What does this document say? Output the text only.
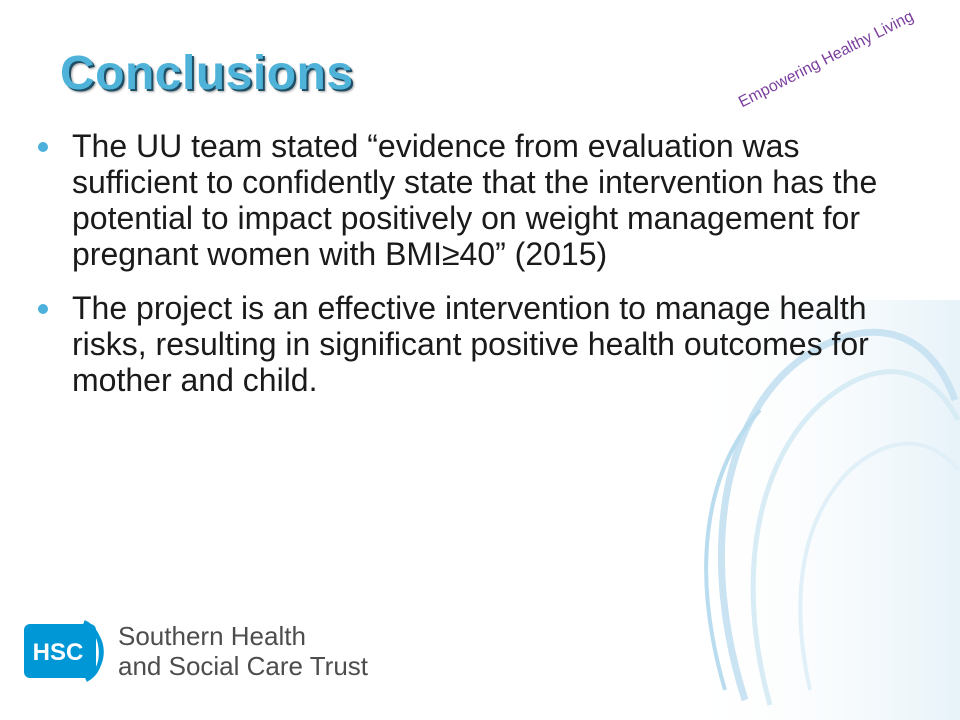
Conclusions	Empowering Healthy Living
The UU team stated “evidence from evaluation was sufficient to confidently state that the intervention has the potential to impact positively on weight management for pregnant women with BMI≥40” (2015)
The project is an effective intervention to manage health risks, resulting in significant positive health outcomes for mother and child.
HSC
Southern Health
and Social Care Trust
